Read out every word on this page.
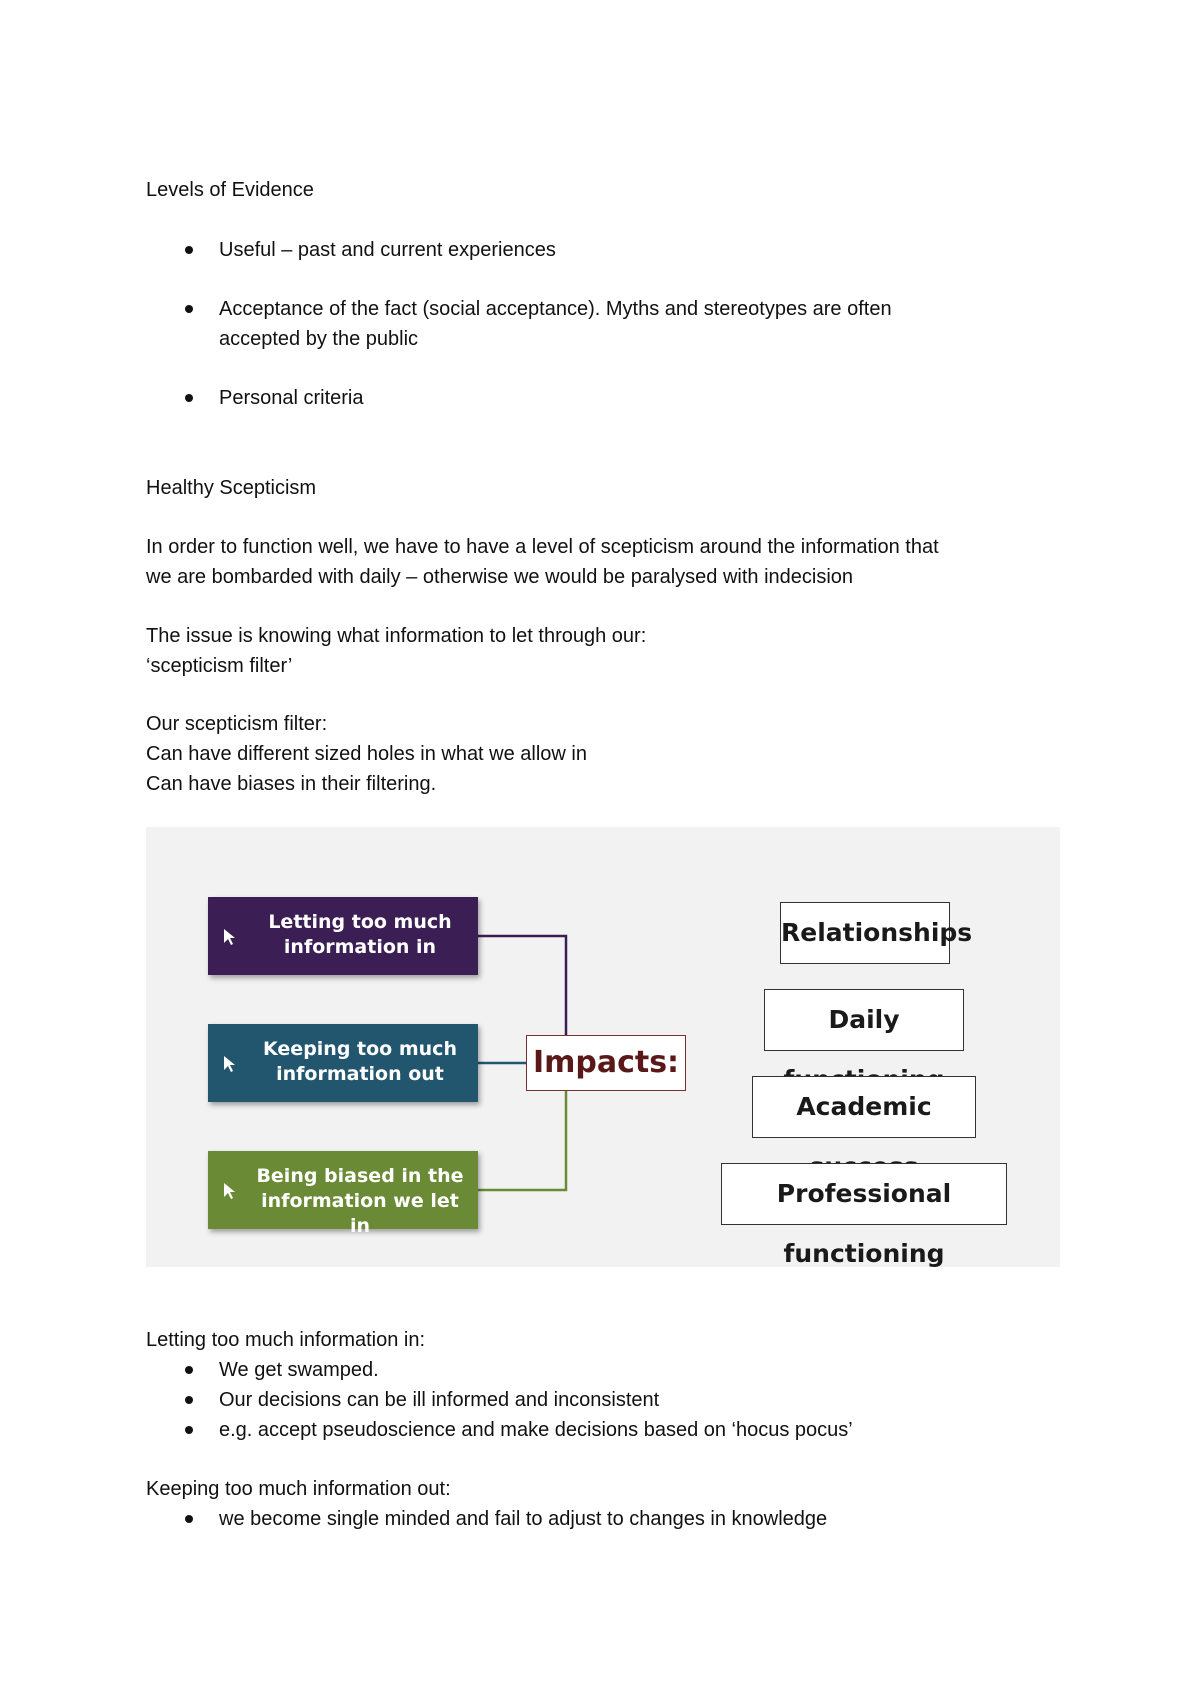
Levels of Evidence
Useful – past and current experiences
Acceptance of the fact (social acceptance). Myths and stereotypes are often
accepted by the public
Personal criteria
Healthy Scepticism
In order to function well, we have to have a level of scepticism around the information that
we are bombarded with daily – otherwise we would be paralysed with indecision
The issue is knowing what information to let through our:
‘scepticism filter’
Our scepticism filter:
Can have different sized holes in what we allow in
Can have biases in their filtering.
Letting too much
information in
Keeping too much
information out
Being biased in the
information we let in
Impacts:
Relationships
Daily
Academic
Professional functioning
Letting too much information in:
We get swamped.
Our decisions can be ill informed and inconsistent
e.g. accept pseudoscience and make decisions based on ‘hocus pocus’
Keeping too much information out:
we become single minded and fail to adjust to changes in knowledge
